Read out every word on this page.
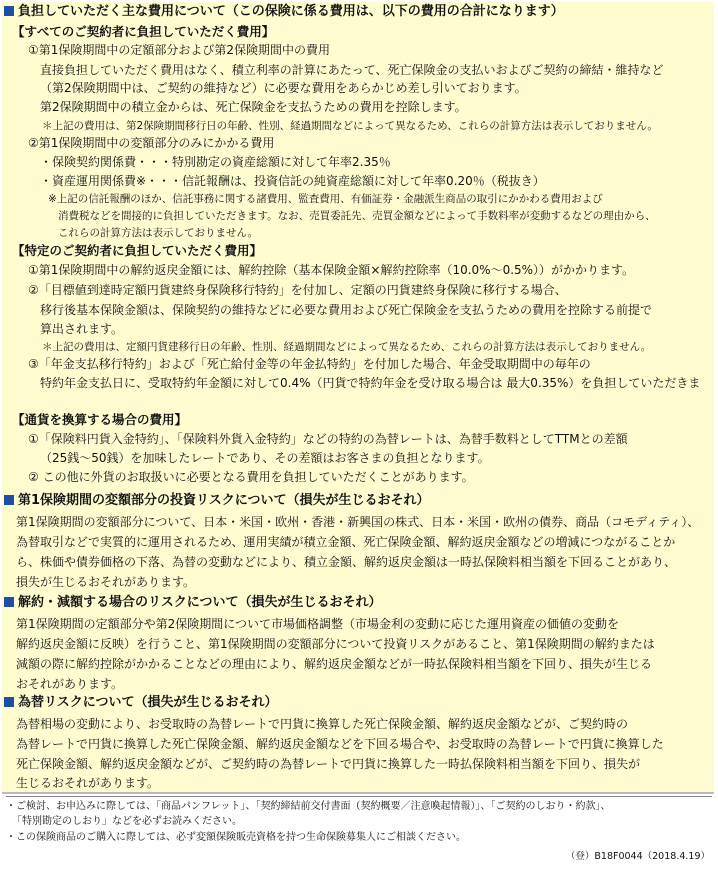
負担していただく主な費用について（この保険に係る費用は、以下の費用の合計になります）
【すべてのご契約者に負担していただく費用】
①第1保険期間中の定額部分および第2保険期間中の費用
直接負担していただく費用はなく、積立利率の計算にあたって、死亡保険金の支払いおよびご契約の締結・維持など
（第2保険期間中は、ご契約の維持など）に必要な費用をあらかじめ差し引いております。
第2保険期間中の積立金からは、死亡保険金を支払うための費用を控除します。
＊上記の費用は、第2保険期間移行日の年齢、性別、経過期間などによって異なるため、これらの計算方法は表示しておりません。
②第1保険期間中の変額部分のみにかかる費用
・保険契約関係費・・・特別勘定の資産総額に対して年率2.35％
・資産運用関係費※・・・信託報酬は、投資信託の純資産総額に対して年率0.20％（税抜き）
※上記の信託報酬のほか、信託事務に関する諸費用、監査費用、有価証券・金融派生商品の取引にかかわる費用および
消費税などを間接的に負担していただきます。なお、売買委託先、売買金額などによって手数料率が変動するなどの理由から、
これらの計算方法は表示しておりません。
【特定のご契約者に負担していただく費用】
①第1保険期間中の解約返戻金額には、解約控除（基本保険金額×解約控除率（10.0%～0.5%））がかかります。
②「目標値到達時定額円貨建終身保険移行特約」を付加し、定額の円貨建終身保険に移行する場合、
移行後基本保険金額は、保険契約の維持などに必要な費用および死亡保険金を支払うための費用を控除する前提で
算出されます。
＊上記の費用は、定額円貨建移行日の年齢、性別、経過期間などによって異なるため、これらの計算方法は表示しておりません。
③「年金支払移行特約」および「死亡給付金等の年金払特約」を付加した場合、年金受取期間中の毎年の
特約年金支払日に、受取特約年金額に対して0.4%（円貨で特約年金を受け取る場合は 最大0.35%）を負担していただきま
【通貨を換算する場合の費用】
①「保険料円貨入金特約」、「保険料外貨入金特約」などの特約の為替レートは、為替手数料としてTTMとの差額
（25銭～50銭）を加味したレートであり、その差額はお客さまの負担となります。
② この他に外貨のお取扱いに必要となる費用を負担していただくことがあります。
第1保険期間の変額部分の投資リスクについて（損失が生じるおそれ）
第1保険期間の変額部分について、日本・米国・欧州・香港・新興国の株式、日本・米国・欧州の債券、商品（コモディティ）、
為替取引などで実質的に運用されるため、運用実績が積立金額、死亡保険金額、解約返戻金額などの増減につながることか
ら、株価や債券価格の下落、為替の変動などにより、積立金額、解約返戻金額は一時払保険料相当額を下回ることがあり、
損失が生じるおそれがあります。
解約・減額する場合のリスクについて（損失が生じるおそれ）
第1保険期間の定額部分や第2保険期間について市場価格調整（市場金利の変動に応じた運用資産の価値の変動を
解約返戻金額に反映）を行うこと、第1保険期間の変額部分について投資リスクがあること、第1保険期間の解約または
減額の際に解約控除がかかることなどの理由により、解約返戻金額などが一時払保険料相当額を下回り、損失が生じる
おそれがあります。
為替リスクについて（損失が生じるおそれ）
為替相場の変動により、お受取時の為替レートで円貨に換算した死亡保険金額、解約返戻金額などが、ご契約時の
為替レートで円貨に換算した死亡保険金額、解約返戻金額などを下回る場合や、お受取時の為替レートで円貨に換算した
死亡保険金額、解約返戻金額などが、ご契約時の為替レートで円貨に換算した一時払保険料相当額を下回り、損失が
生じるおそれがあります。
・ご検討、お申込みに際しては、「商品パンフレット」、「契約締結前交付書面（契約概要／注意喚起情報）」、「ご契約のしおり・約款」、
「特別勘定のしおり」などを必ずお読みください。
・この保険商品のご購入に際しては、必ず変額保険販売資格を持つ生命保険募集人にご相談ください。
（登）B18F0044（2018.4.19）
